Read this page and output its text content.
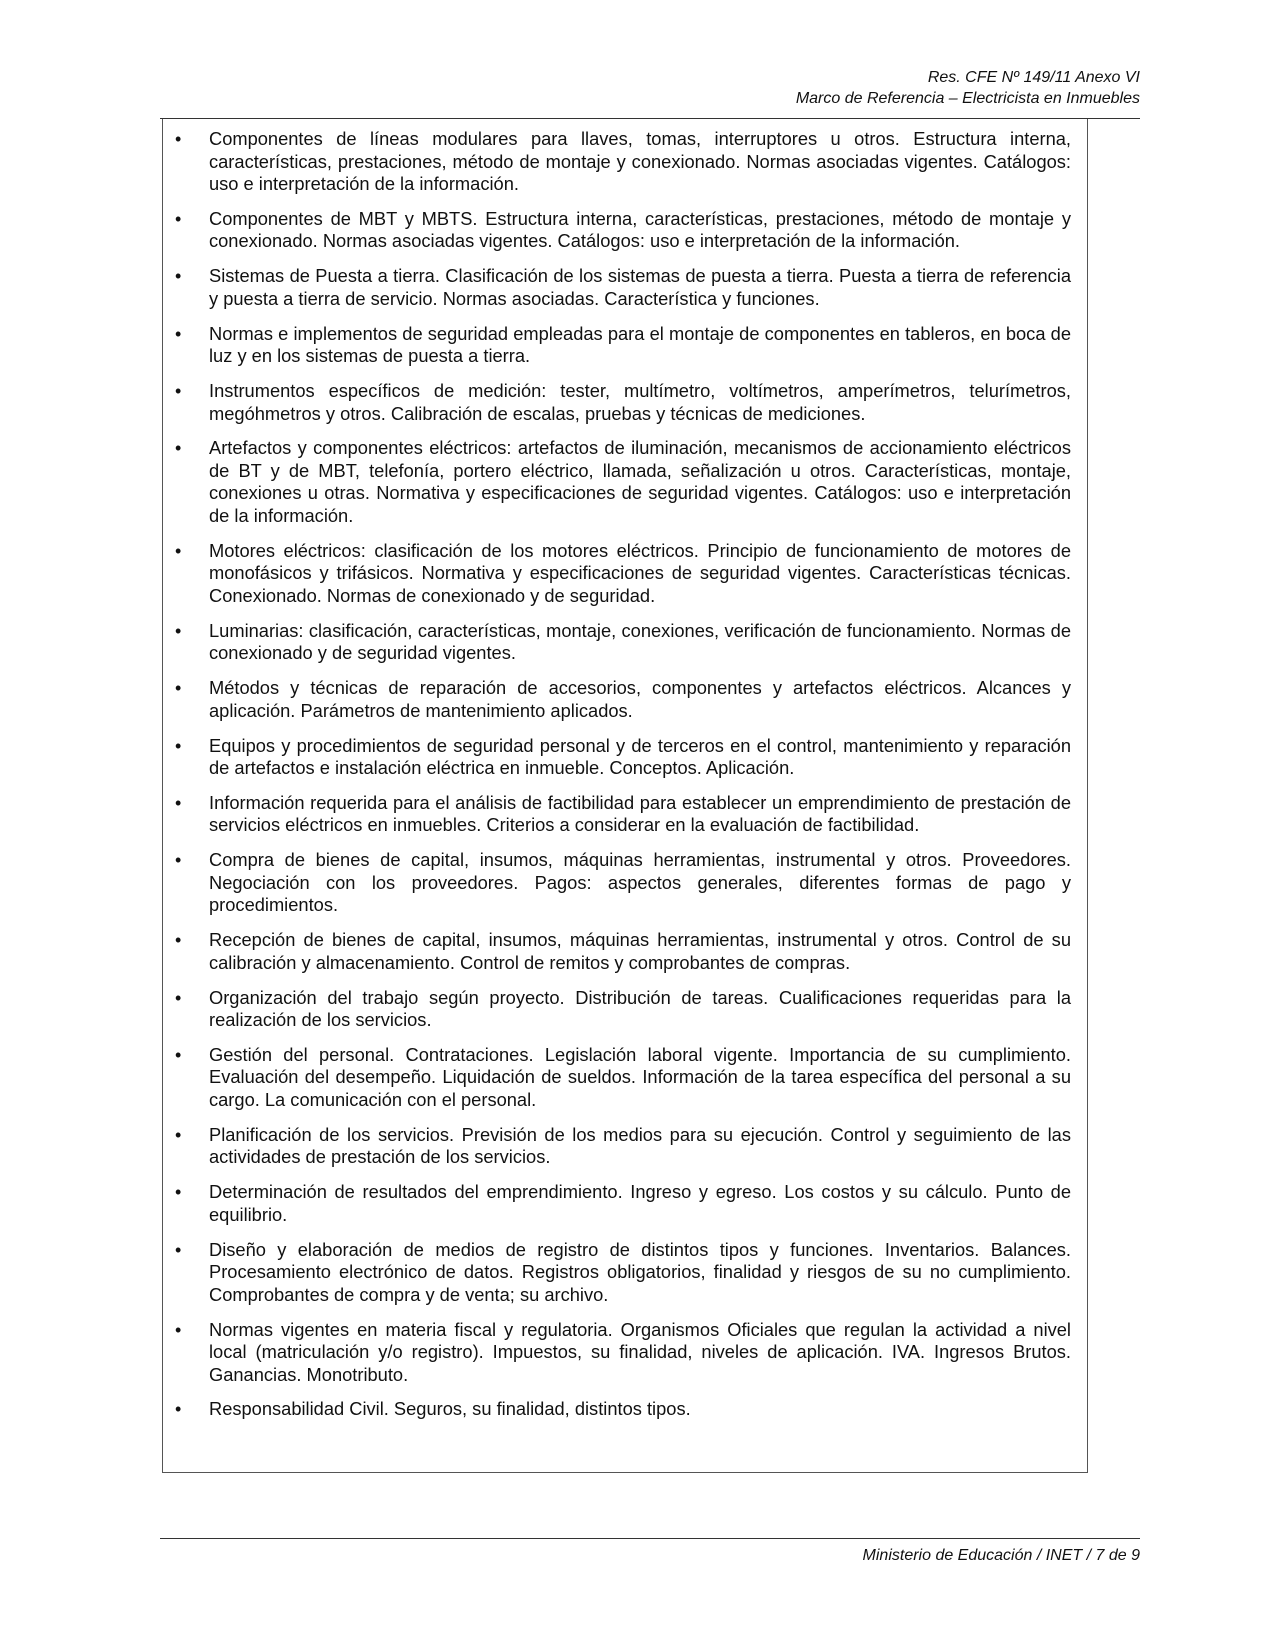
Res. CFE Nº 149/11 Anexo VI
Marco de Referencia – Electricista en Inmuebles
• Componentes de líneas modulares para llaves, tomas, interruptores u otros. Estructura interna, características, prestaciones, método de montaje y conexionado. Normas asociadas vigentes. Catálogos: uso e interpretación de la información.
• Componentes de MBT y MBTS. Estructura interna, características, prestaciones, método de montaje y conexionado. Normas asociadas vigentes. Catálogos: uso e interpretación de la información.
• Sistemas de Puesta a tierra. Clasificación de los sistemas de puesta a tierra. Puesta a tierra de referencia y puesta a tierra de servicio. Normas asociadas. Característica y funciones.
• Normas e implementos de seguridad empleadas para el montaje de componentes en tableros, en boca de luz y en los sistemas de puesta a tierra.
• Instrumentos específicos de medición: tester, multímetro, voltímetros, amperímetros, telurímetros, megóhmetros y otros. Calibración de escalas, pruebas y técnicas de mediciones.
• Artefactos y componentes eléctricos: artefactos de iluminación, mecanismos de accionamiento eléctricos de BT y de MBT, telefonía, portero eléctrico, llamada, señalización u otros. Características, montaje, conexiones u otras. Normativa y especificaciones de seguridad vigentes. Catálogos: uso e interpretación de la información.
• Motores eléctricos: clasificación de los motores eléctricos. Principio de funcionamiento de motores de monofásicos y trifásicos. Normativa y especificaciones de seguridad vigentes. Características técnicas. Conexionado. Normas de conexionado y de seguridad.
• Luminarias: clasificación, características, montaje, conexiones, verificación de funcionamiento. Normas de conexionado y de seguridad vigentes.
• Métodos y técnicas de reparación de accesorios, componentes y artefactos eléctricos. Alcances y aplicación. Parámetros de mantenimiento aplicados.
• Equipos y procedimientos de seguridad personal y de terceros en el control, mantenimiento y reparación de artefactos e instalación eléctrica en inmueble. Conceptos. Aplicación.
• Información requerida para el análisis de factibilidad para establecer un emprendimiento de prestación de servicios eléctricos en inmuebles. Criterios a considerar en la evaluación de factibilidad.
• Compra de bienes de capital, insumos, máquinas herramientas, instrumental y otros. Proveedores. Negociación con los proveedores. Pagos: aspectos generales, diferentes formas de pago y procedimientos.
• Recepción de bienes de capital, insumos, máquinas herramientas, instrumental y otros. Control de su calibración y almacenamiento. Control de remitos y comprobantes de compras.
• Organización del trabajo según proyecto. Distribución de tareas. Cualificaciones requeridas para la realización de los servicios.
• Gestión del personal. Contrataciones. Legislación laboral vigente. Importancia de su cumplimiento. Evaluación del desempeño. Liquidación de sueldos. Información de la tarea específica del personal a su cargo. La comunicación con el personal.
• Planificación de los servicios. Previsión de los medios para su ejecución. Control y seguimiento de las actividades de prestación de los servicios.
• Determinación de resultados del emprendimiento. Ingreso y egreso. Los costos y su cálculo. Punto de equilibrio.
• Diseño y elaboración de medios de registro de distintos tipos y funciones. Inventarios. Balances. Procesamiento electrónico de datos. Registros obligatorios, finalidad y riesgos de su no cumplimiento. Comprobantes de compra y de venta; su archivo.
• Normas vigentes en materia fiscal y regulatoria. Organismos Oficiales que regulan la actividad a nivel local (matriculación y/o registro). Impuestos, su finalidad, niveles de aplicación. IVA. Ingresos Brutos. Ganancias. Monotributo.
• Responsabilidad Civil. Seguros, su finalidad, distintos tipos.
Ministerio de Educación / INET / 7 de 9
